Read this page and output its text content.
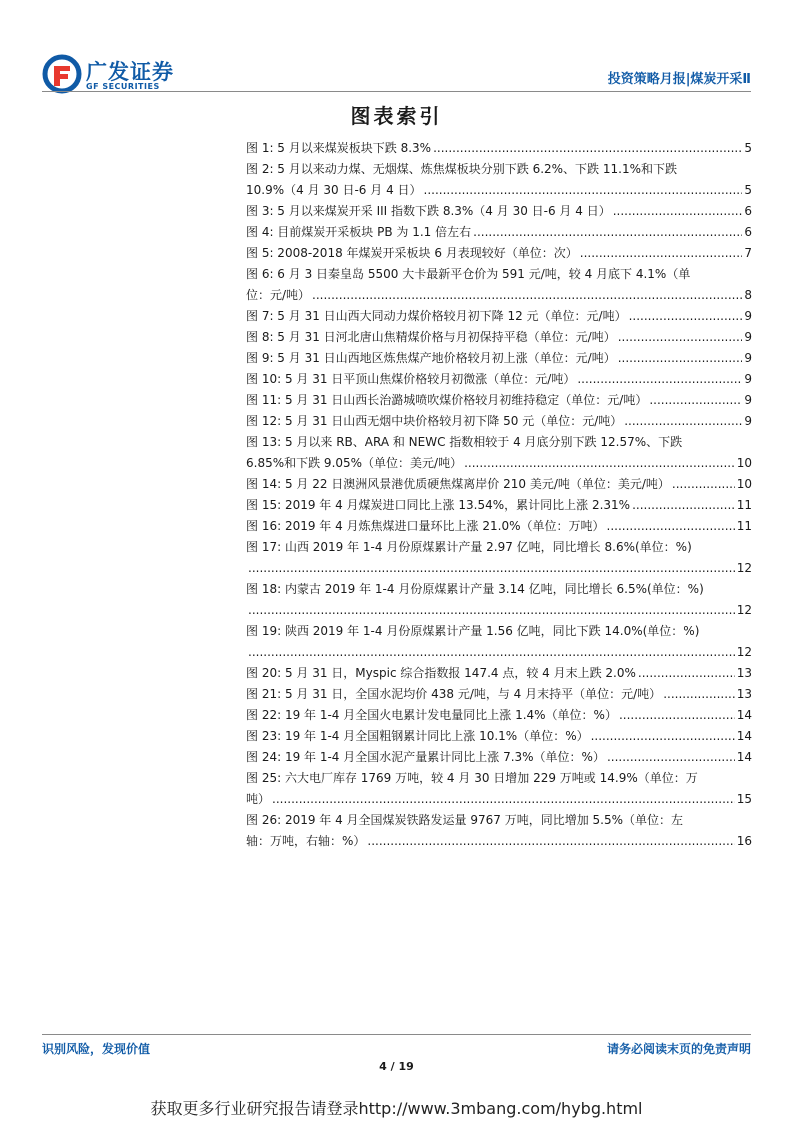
广发证券
GF SECURITIES	投资策略月报|煤炭开采Ⅱ
图表索引
图 1: 5 月以来煤炭板块下跌 8.3% .....	5
图 2: 5 月以来动力煤、无烟煤、炼焦煤板块分别下跌 6.2%、下跌 11.1%和下跌
10.9%（4 月 30 日-6 月 4 日） .....	5
图 3: 5 月以来煤炭开采 III 指数下跌 8.3%（4 月 30 日-6 月 4 日） .....	6
图 4: 目前煤炭开采板块 PB 为 1.1 倍左右 .....	6
图 5: 2008-2018 年煤炭开采板块 6 月表现较好（单位：次） .....	7
图 6: 6 月 3 日秦皇岛 5500 大卡最新平仓价为 591 元/吨，较 4 月底下 4.1%（单
位：元/吨） .....	8
图 7: 5 月 31 日山西大同动力煤价格较月初下降 12 元（单位：元/吨） .....	9
图 8: 5 月 31 日河北唐山焦精煤价格与月初保持平稳（单位：元/吨） .....	9
图 9: 5 月 31 日山西地区炼焦煤产地价格较月初上涨（单位：元/吨） .....	9
图 10: 5 月 31 日平顶山焦煤价格较月初微涨（单位：元/吨） .....	9
图 11: 5 月 31 日山西长治潞城喷吹煤价格较月初维持稳定（单位：元/吨） .....	9
图 12: 5 月 31 日山西无烟中块价格较月初下降 50 元（单位：元/吨） .....	9
图 13: 5 月以来 RB、ARA 和 NEWC 指数相较于 4 月底分别下跌 12.57%、下跌
6.85%和下跌 9.05%（单位：美元/吨） .....	10
图 14: 5 月 22 日澳洲风景港优质硬焦煤离岸价 210 美元/吨（单位：美元/吨） .....	10
图 15: 2019 年 4 月煤炭进口同比上涨 13.54%，累计同比上涨 2.31% .....	11
图 16: 2019 年 4 月炼焦煤进口量环比上涨 21.0%（单位：万吨） .....	11
图 17: 山西 2019 年 1-4 月份原煤累计产量 2.97 亿吨，同比增长 8.6%(单位：%)
.....
12
图 18: 内蒙古 2019 年 1-4 月份原煤累计产量 3.14 亿吨，同比增长 6.5%(单位：%)
.....
12
图 19: 陕西 2019 年 1-4 月份原煤累计产量 1.56 亿吨，同比下跌 14.0%(单位：%)
.....
12
图 20: 5 月 31 日，Myspic 综合指数报 147.4 点，较 4 月末上跌 2.0% .....	13
图 21: 5 月 31 日，全国水泥均价 438 元/吨，与 4 月末持平（单位：元/吨） .....	13
图 22: 19 年 1-4 月全国火电累计发电量同比上涨 1.4%（单位：%） .....	14
图 23: 19 年 1-4 月全国粗钢累计同比上涨 10.1%（单位：%） .....	14
图 24: 19 年 1-4 月全国水泥产量累计同比上涨 7.3%（单位：%） .....	14
图 25: 六大电厂库存 1769 万吨，较 4 月 30 日增加 229 万吨或 14.9%（单位：万
吨） .....	15
图 26: 2019 年 4 月全国煤炭铁路发运量 9767 万吨，同比增加 5.5%（单位：左
轴：万吨，右轴：%） .....	16
识别风险，发现价值	请务必阅读末页的免责声明
4 / 19
获取更多行业研究报告请登录http://www.3mbang.com/hybg.html
